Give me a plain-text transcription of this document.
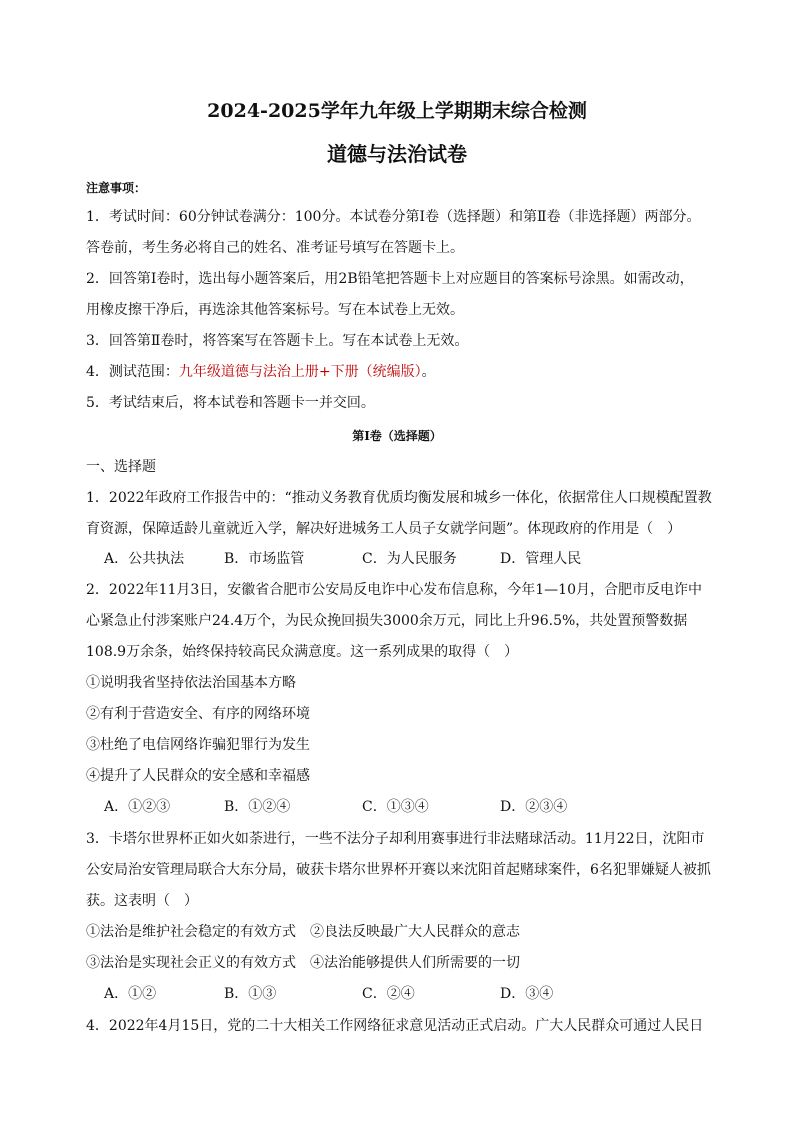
2024-2025学年九年级上学期期末综合检测
道德与法治试卷
注意事项：
1．考试时间：60分钟试卷满分：100分。本试卷分第Ⅰ卷（选择题）和第Ⅱ卷（非选择题）两部分。
答卷前，考生务必将自己的姓名、准考证号填写在答题卡上。
2．回答第Ⅰ卷时，选出每小题答案后，用2B铅笔把答题卡上对应题目的答案标号涂黑。如需改动，
用橡皮擦干净后，再选涂其他答案标号。写在本试卷上无效。
3．回答第Ⅱ卷时，将答案写在答题卡上。写在本试卷上无效。
4．测试范围：九年级道德与法治上册+下册（统编版）。
5．考试结束后，将本试卷和答题卡一并交回。
第Ⅰ卷（选择题）
一、选择题
1．2022年政府工作报告中的：“推动义务教育优质均衡发展和城乡一体化，依据常住人口规模配置教
育资源，保障适龄儿童就近入学，解决好进城务工人员子女就学问题”。体现政府的作用是（　）
A．公共执法	B．市场监管	C．为人民服务	D．管理人民
2．2022年11月3日，安徽省合肥市公安局反电诈中心发布信息称，今年1—10月，合肥市反电诈中
心紧急止付涉案账户24.4万个，为民众挽回损失3000余万元，同比上升96.5%，共处置预警数据
108.9万余条，始终保持较高民众满意度。这一系列成果的取得（　）
①说明我省坚持依法治国基本方略
②有利于营造安全、有序的网络环境
③杜绝了电信网络诈骗犯罪行为发生
④提升了人民群众的安全感和幸福感
A．①②③	B．①②④	C．①③④	D．②③④
3．卡塔尔世界杯正如火如荼进行，一些不法分子却利用赛事进行非法赌球活动。11月22日，沈阳市
公安局治安管理局联合大东分局，破获卡塔尔世界杯开赛以来沈阳首起赌球案件，6名犯罪嫌疑人被抓
获。这表明（　）
①法治是维护社会稳定的有效方式　②良法反映最广大人民群众的意志
③法治是实现社会正义的有效方式　④法治能够提供人们所需要的一切
A．①②	B．①③	C．②④	D．③④
4．2022年4月15日，党的二十大相关工作网络征求意见活动正式启动。广大人民群众可通过人民日
